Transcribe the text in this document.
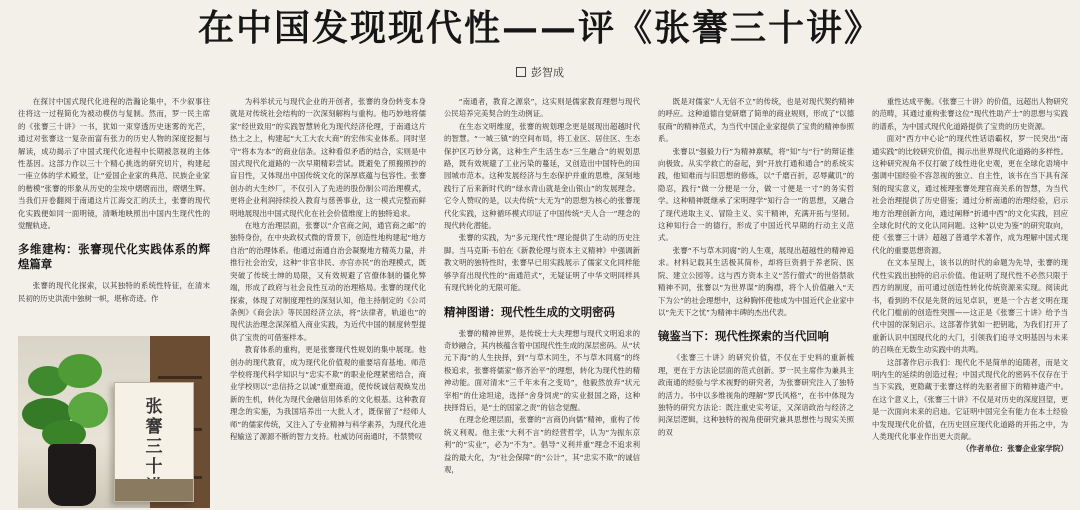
在中国发现现代性——评《张謇三十讲》
彭智成

在探讨中国式现代化进程的浩瀚论集中，不少叙事往往将这一过程简化为被动模仿与复制。然而，罗一民主席的《张謇三十讲》一书，犹如一束穿透历史迷雾的光芒，通过对张謇这一复杂而富有张力的历史人物的深度挖掘与解读，成功揭示了中国式现代化进程中长期被忽视的主体性基因。这部力作以三十个精心挑选的研究切片，构建起一座立体的学术殿堂，让“爱国企业家的典范、民族企业家的楷模”张謇的形象从历史的尘埃中熠熠而出，熠熠生辉。当我们开卷翻阅于南通这片江海交汇的沃土，张謇的现代化实践便如同一面明镜，清晰地映照出中国内生现代性的觉醒轨迹。

多维建构：张謇现代化实践体系的辉煌篇章

张謇的现代化探索，以其独特的系统性特征，在清末民初的历史洪流中独树一帜，堪称奇迹。作

张謇三十

为科举状元与现代企业的开创者，张謇的身份转变本身就是对传统社会结构的一次深刻解构与重构。他巧妙地将儒家“经世致用”的实践智慧转化为现代经济伦理，于南通这片热土之上，构建起“大工大农大商”的宏伟实业体系。同时坚守“将本为本”的商业信条。这种看似矛盾的结合，实则是中国式现代化道路的一次早期精彩尝试。既避免了照搬照抄的盲目性，又体现出中国传统文化的深厚底蕴与包容性。张謇创办的大生纱厂，不仅引入了先进的股份制公司治理模式，更将企业利润持续投入教育与慈善事业，这一模式完整而鲜明地展现出中国式现代化在社会价值维度上的独特追求。

在地方治理层面，张謇以“介官商之间，通官商之邮”的独特身份，在中央政权式微的背景下，创造性地构建起“地方自治”的治理体系。他通过南通自治会凝聚地方精英力量，并推行社会治安，这种“非官非民、亦官亦民”的治理模式，既突破了传统士绅的局限，又有效规避了官僚体制的僵化弊端，形成了政府与社会良性互动的治理格局。张謇的现代化探索，体现了对制度理性的深刻认知，他主持制定的《公司条例》《商会法》等民国经济立法，将“法律者，轨道也”的现代法治理念深深植入商业实践，为近代中国的制度转型提供了宝贵的可借鉴样本。

教育体系的重构，更是张謇现代性规划的集中展现。他创办的现代教育，成为现代化价值观的重要培育基地。师范学校将现代科学知识与“忠实不欺”的职业伦理紧密结合，商业学校则以“忠信持之以诚”重塑商道，使传统诚信观焕发出新的生机，转化为现代金融信用体系的文化根基。这种教育理念的实施，为我国培养出一大批人才，既保留了“经师人师”的儒家传统，又注入了专业精神与科学素养，为现代化进程输送了源源不断的智力支持。杜威访问南通时，不禁赞叹

“南通者，教育之源泉”，这实则是儒家教育理想与现代公民培养完美契合的生动例证。

在生态文明维度，张謇的规划理念更是展现出超越时代的智慧。“一城三镇”的空间布局，将工业区、居住区、生态保护区巧妙分离，这种生产生活生态“三生融合”的规划思路，既有效规避了工业污染的蔓延，又创造出中国特色的田园城市范本。这种发展经济与生态保护并重的思维，深刻地践行了后来新时代的“绿水青山就是金山银山”的发展理念。它令人赞叹的是，以夫传统“大无为”的思想为核心的张謇现代化实践，这种循环模式印证了中国传统“天人合一”理念的现代转化潜能。

张謇的实践，为“多元现代性”理论提供了生动的历史注脚。当马克斯·韦伯在《新教伦理与资本主义精神》中强调新教文明的独特性时，张謇早已用实践展示了儒家文化同样能够孕育出现代性的“南通范式”，无疑证明了中华文明同样具有现代转化的无限可能。

精神图谱：现代性生成的文明密码

张謇的精神世界，是传统士大夫理想与现代文明追求的奇妙融合，其内核蕴含着中国现代性生成的深层密码。从“状元下海”的人生抉择，到“与草木同生，不与草木同腐”的终极追求，张謇将儒家“修齐治平”的理想，转化为现代性的精神动能。面对清末“三千年未有之变局”，他毅然放弃“状元宰相”的仕途坦途，选择“舍身饲虎”的实业报国之路，这种抉择背后，是“士的国家之责”的信念觉醒。

在理念伦理层面，张謇的“言商仍向儒”精神，重构了传统义利观。他主张“大利不言”的经营哲学，认为“为振东京利”的“实业”，必为“不为”。倡导“义利并重”理念不追求利益的最大化，为“社会保障”的“公计”，其“忠实不欺”的诚信观，

既是对儒家“人无信不立”的传统，也是对现代契约精神的呼应。这种道德自觉研磨了简单的商业规则，形成了“以德驭商”的精神范式，为当代中国企业家提供了宝贵的精神参照系。

张謇以“强毅力行”为精神禀赋，将“知”与“行”的辩证推向极致。从实学救亡的奋起，到“开放打通和通合”的系统实践，他知难而与旧思想的修炼，以“千磨百折，忍辱藏讥”的隐忍，践行“做一分便是一分，做一寸便是一寸”的务实哲学。这种精神既继承了宋明理学“知行合一”的思想，又融合了现代进取主义、冒险主义、实干精神，充满开拓与坚韧。这种知行合一的德行，形成了中国近代早期的行动主义范式。

张謇“不与草木同腐”的人生观，展现出超越性的精神追求。材料记载其生活极其简朴，却将巨资捐于养老院、医院、建立公园等。这与西方资本主义“苦行僧式”的世俗禁欲精神不同，张謇以“为世界谋”的胸襟，将个人价值融入“天下为公”的社会理想中，这种胸怀使他成为中国近代企业家中以“先天下之忧”为精神丰碑的杰出代表。

镜鉴当下：现代性探索的当代回响

《张謇三十讲》的研究价值，不仅在于史料的重新梳理，更在于方法论层面的范式创新。罗一民主席作为兼具主政南通的经验与学术视野的研究者，为张謇研究注入了独特的活力。书中以多维视角的理解“罗氏风格”，在书中体现为独特的研究方法论：既注重史实考证，又深谙政治与经济之间深层逻辑，这种独特的视角使研究兼具思想性与现实关照的双

重性达成平衡。《张謇三十讲》的价值，远超出人物研究的范畴，其通过重构张謇这位“现代性助产士”的思想与实践的谱系，为中国式现代化道路提供了宝贵的历史资源。

面对“西方中心论”的现代性话语霸权，罗一民突出“南通实践”的比较研究价值，揭示出世界现代化道路的多样性。这种研究视角不仅打破了线性进化史观，更在全球化语境中强调中国经验不容忽视的独立、自主性，该书在当下具有深刻的现实意义，通过梳理张謇处理官商关系的智慧，为当代社会治理提供了历史借鉴；通过分析南通的治理经验，启示地方治理创新方向，通过阐释“折通中西”的文化实践，回应全球化时代的文化认同问题。这种“以史为鉴”的研究取向，使《张謇三十讲》超越了普通学术著作，成为理解中国式现代化的重要思想资源。

在文本呈现上，该书以的时代的命题为先导，张謇的现代性实践出独特的启示价值。他证明了现代性不必然只限于西方的制度，而可通过创造性转化传统资源来实现。阅读此书，看到的不仅是先贤的远见卓识，更是一个古老文明在现代化门槛前的创造性突围——这正是《张謇三十讲》给予当代中国的深刻启示。这部著作犹如一把钥匙，为我们打开了重新认识中国现代化的大门，引领我们追寻文明基因与未来的召唤在无数生动实践中的共鸣。

这部著作启示我们：现代化不是简单的追随者，而是文明内生的延续的创造过程；中国式现代化的密码不仅存在于当下实践，更隐藏于张謇这样的先驱者留下的精神遗产中。在这个意义上，《张謇三十讲》不仅是对历史的深度回望，更是一次面向未来的启迪。它证明中国完全有能力在本土经验中发现现代化价值，在历史回应现代化道路的开拓之中，为人类现代化事业作出更大贡献。

（作者单位：张謇企业家学院）
